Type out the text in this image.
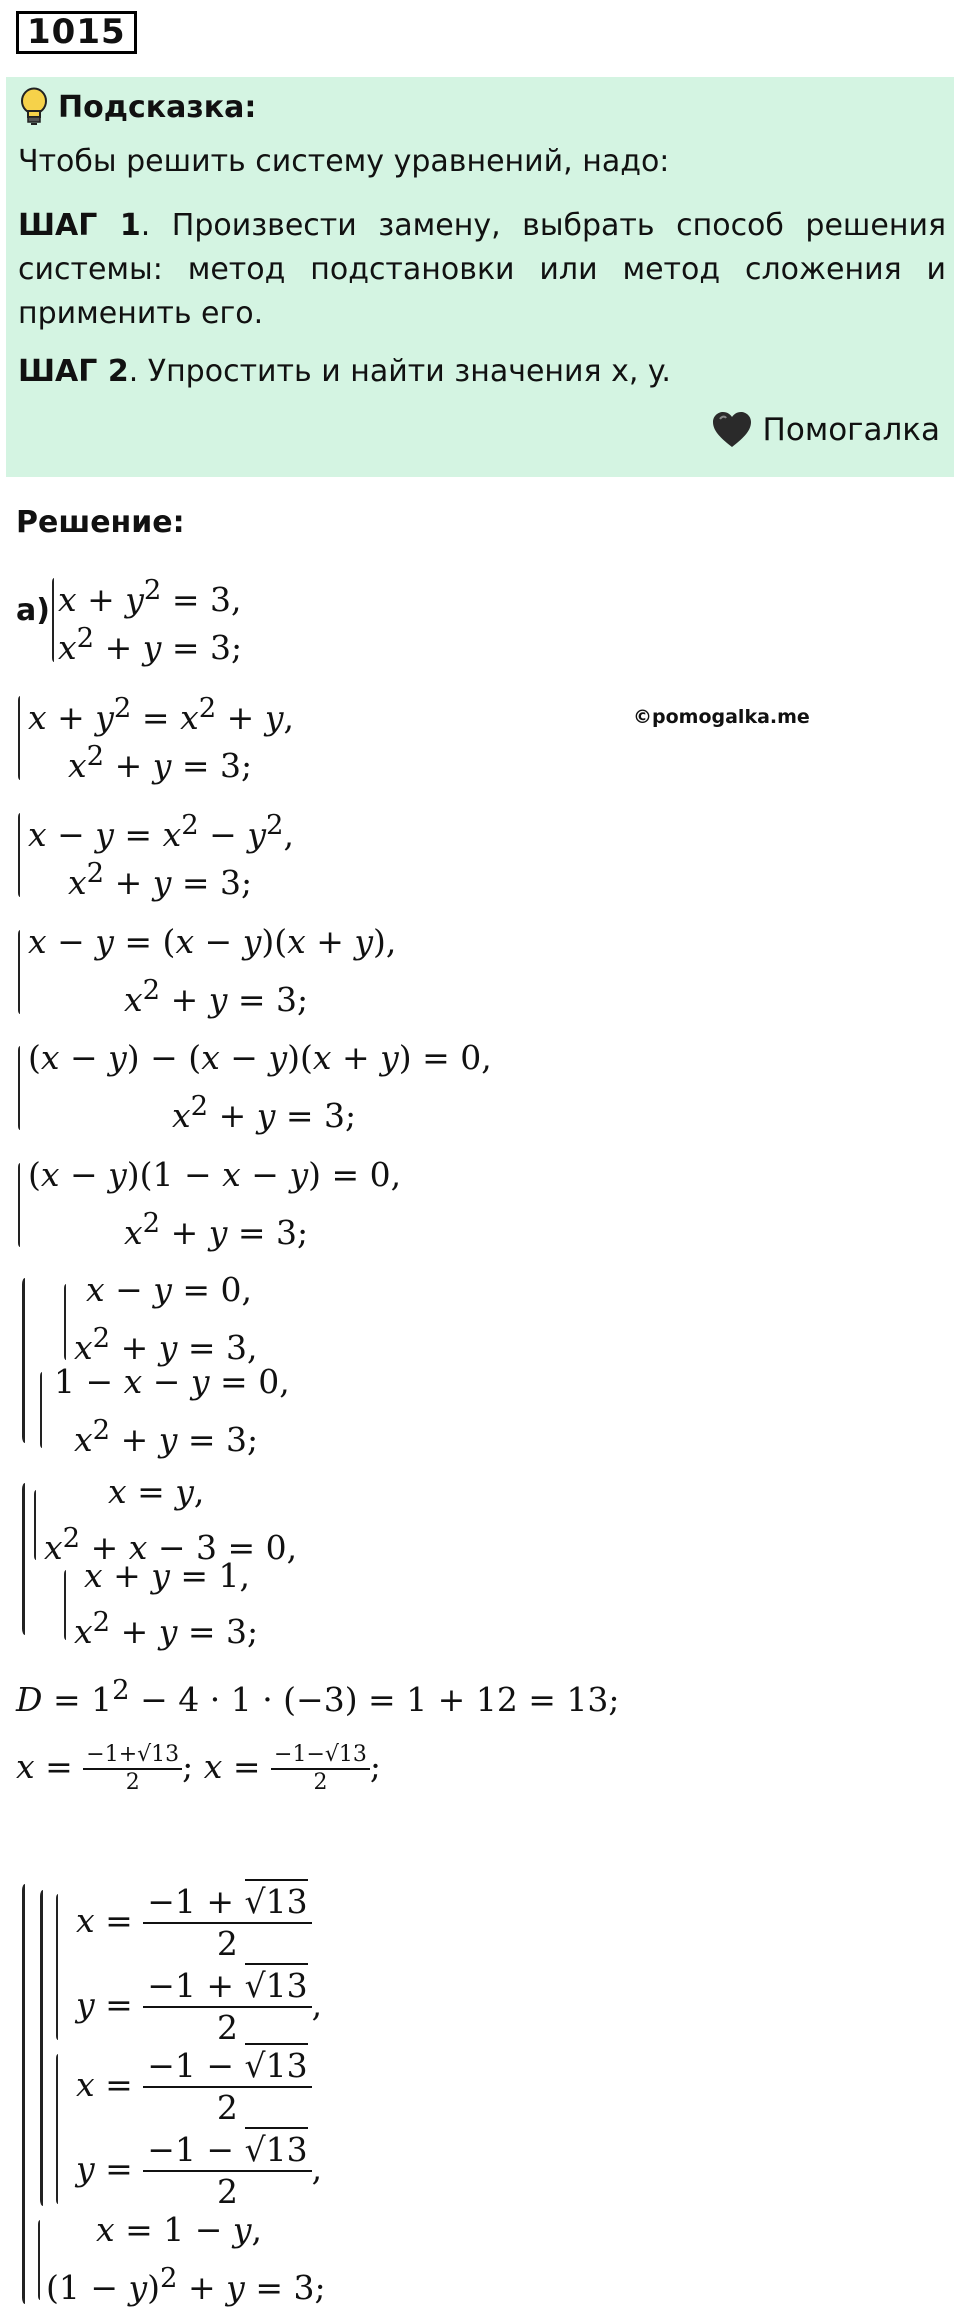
1015
Подсказка:

Чтобы решить систему уравнений, надо:

ШАГ 1. Произвести замену, выбрать способ решения системы: метод подстановки или метод сложения и применить его.

ШАГ 2. Упростить и найти значения x, y.

Помогалка
Решение:
©pomogalka.me
а) $x + y^2 = 3$,
$x^2 + y = 3$;
$x + y^2 = x^2 + y$,
$x^2 + y = 3$;
$x - y = x^2 - y^2$,
$x^2 + y = 3$;
x − y = (x − y)(x + y),
$x^2 + y = 3$;
(x − y) − (x − y)(x + y) = 0,
$x^2 + y = 3$;
(x − y)(1 − x − y) = 0,
$x^2 + y = 3$;
x − y = 0,
$x^2 + y = 3$,
1 − x − y = 0,
$x^2 + y = 3$;
x = y,
$x^2 + x - 3 = 0$,
x + y = 1,
$x^2 + y = 3$;
$D = 1^2 - 4 \cdot 1 \cdot (-3) = 1 + 12 = 13$;
$x = \frac{-1+√13}{2}$ ; $x = \frac{-1-√13}{2}$ ;
$x = \frac{-1 + √13}{2}$
$y = \frac{-1 + √13}{2}$ ,
$x = \frac{-1 - √13}{2}$
$y = \frac{-1 - √13}{2}$ ,
x = 1 − y,
$(1 - y)^2 + y = 3$;
